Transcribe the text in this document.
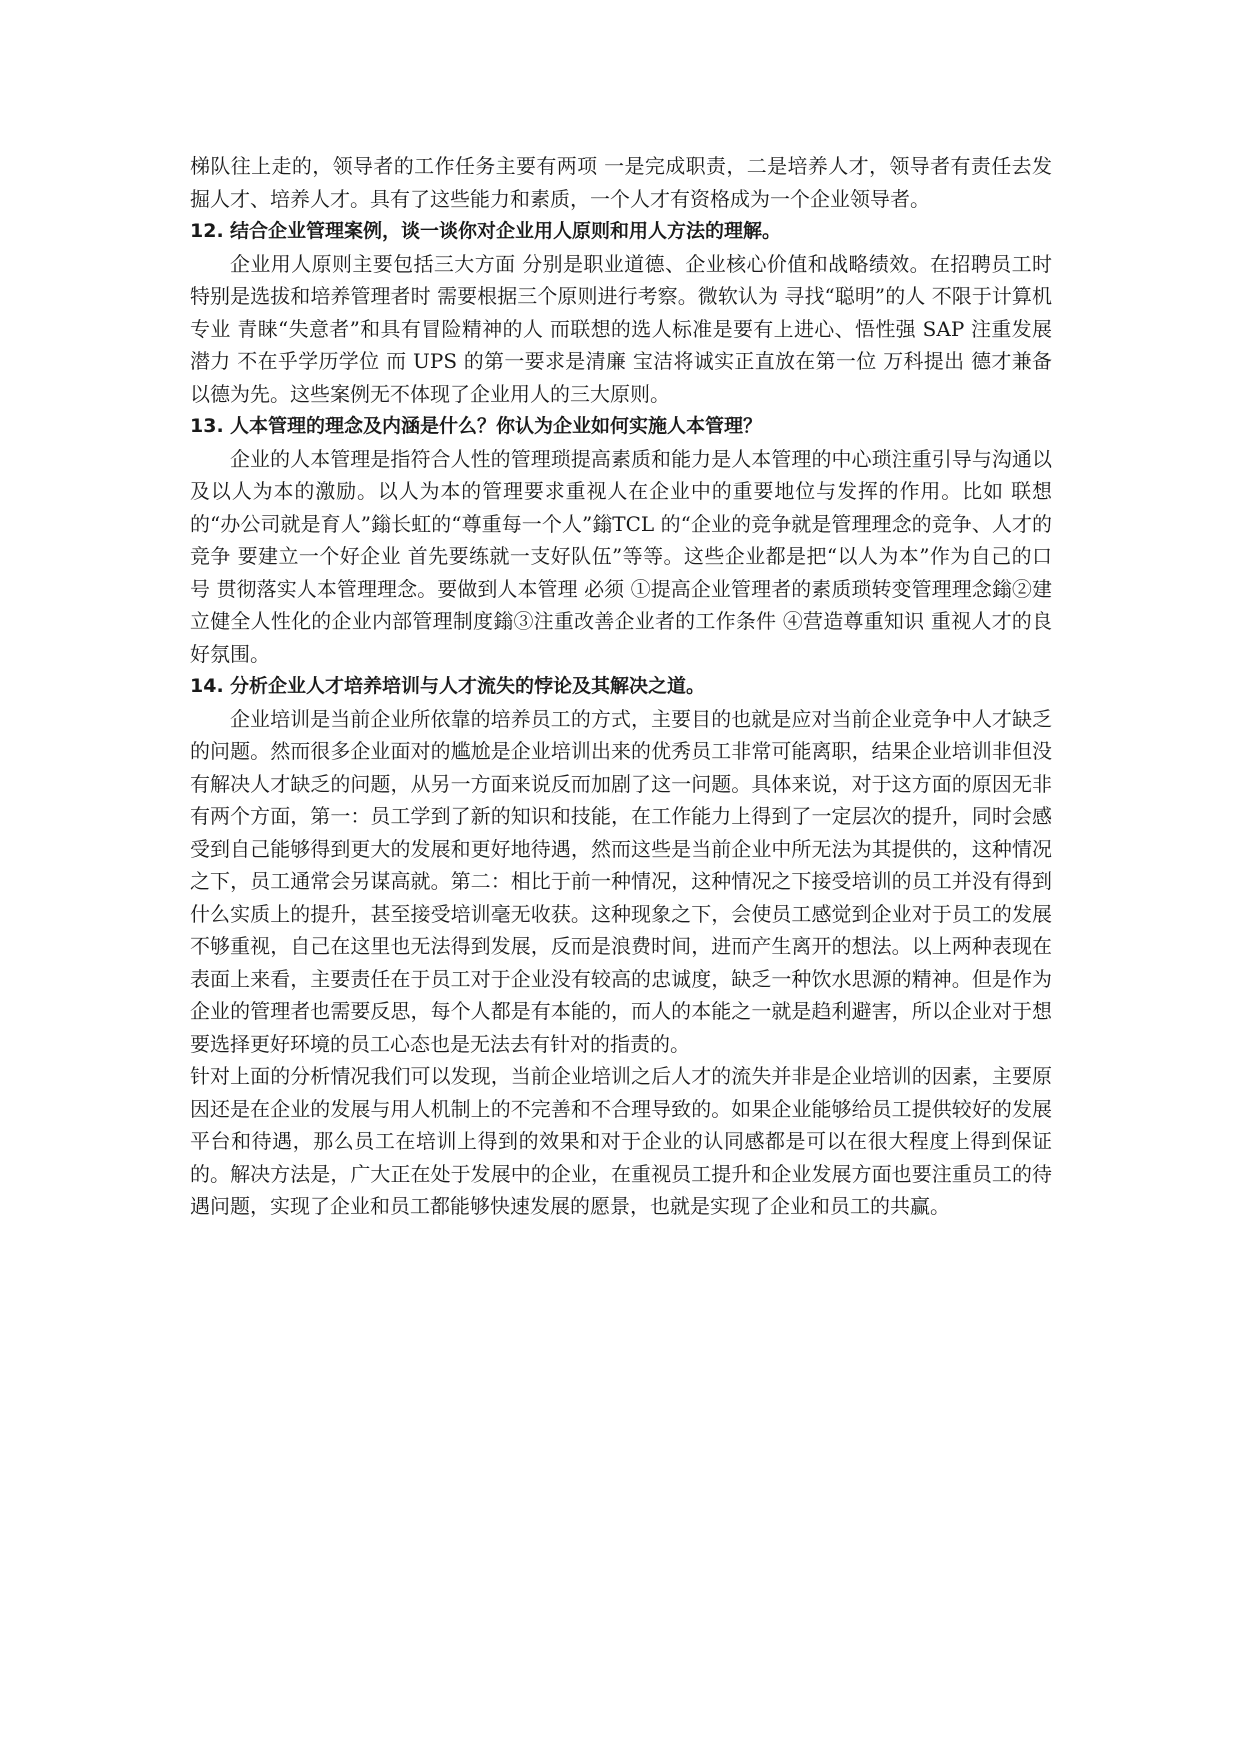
梯队往上走的，领导者的工作任务主要有两项 一是完成职责，二是培养人才，领导者有责任去发掘人才、培养人才。具有了这些能力和素质，一个人才有资格成为一个企业领导者。

12. 结合企业管理案例，谈一谈你对企业用人原则和用人方法的理解。

企业用人原则主要包括三大方面 分别是职业道德、企业核心价值和战略绩效。在招聘员工时 特别是选拔和培养管理者时 需要根据三个原则进行考察。微软认为 寻找“聪明”的人 不限于计算机专业 青睐“失意者”和具有冒险精神的人 而联想的选人标准是要有上进心、悟性强 SAP 注重发展潜力 不在乎学历学位 而 UPS 的第一要求是清廉 宝洁将诚实正直放在第一位 万科提出 德才兼备 以德为先。这些案例无不体现了企业用人的三大原则。

13. 人本管理的理念及内涵是什么？你认为企业如何实施人本管理？

企业的人本管理是指符合人性的管理琐提高素质和能力是人本管理的中心琐注重引导与沟通以及以人为本的激励。以人为本的管理要求重视人在企业中的重要地位与发挥的作用。比如 联想的“办公司就是育人”鎓长虹的“尊重每一个人”鎓TCL 的“企业的竞争就是管理理念的竞争、人才的竞争 要建立一个好企业 首先要练就一支好队伍”等等。这些企业都是把“以人为本”作为自己的口号 贯彻落实人本管理理念。要做到人本管理 必须 ①提高企业管理者的素质琐转变管理理念鎓②建立健全人性化的企业内部管理制度鎓③注重改善企业者的工作条件 ④营造尊重知识 重视人才的良好氛围。

14. 分析企业人才培养培训与人才流失的悖论及其解决之道。

企业培训是当前企业所依靠的培养员工的方式，主要目的也就是应对当前企业竞争中人才缺乏的问题。然而很多企业面对的尴尬是企业培训出来的优秀员工非常可能离职，结果企业培训非但没有解决人才缺乏的问题，从另一方面来说反而加剧了这一问题。具体来说，对于这方面的原因无非有两个方面，第一：员工学到了新的知识和技能，在工作能力上得到了一定层次的提升，同时会感受到自己能够得到更大的发展和更好地待遇，然而这些是当前企业中所无法为其提供的，这种情况之下，员工通常会另谋高就。第二：相比于前一种情况，这种情况之下接受培训的员工并没有得到什么实质上的提升，甚至接受培训毫无收获。这种现象之下，会使员工感觉到企业对于员工的发展不够重视，自己在这里也无法得到发展，反而是浪费时间，进而产生离开的想法。以上两种表现在表面上来看，主要责任在于员工对于企业没有较高的忠诚度，缺乏一种饮水思源的精神。但是作为企业的管理者也需要反思，每个人都是有本能的，而人的本能之一就是趋利避害，所以企业对于想要选择更好环境的员工心态也是无法去有针对的指责的。

针对上面的分析情况我们可以发现，当前企业培训之后人才的流失并非是企业培训的因素，主要原因还是在企业的发展与用人机制上的不完善和不合理导致的。如果企业能够给员工提供较好的发展平台和待遇，那么员工在培训上得到的效果和对于企业的认同感都是可以在很大程度上得到保证的。解决方法是，广大正在处于发展中的企业，在重视员工提升和企业发展方面也要注重员工的待遇问题，实现了企业和员工都能够快速发展的愿景，也就是实现了企业和员工的共赢。
